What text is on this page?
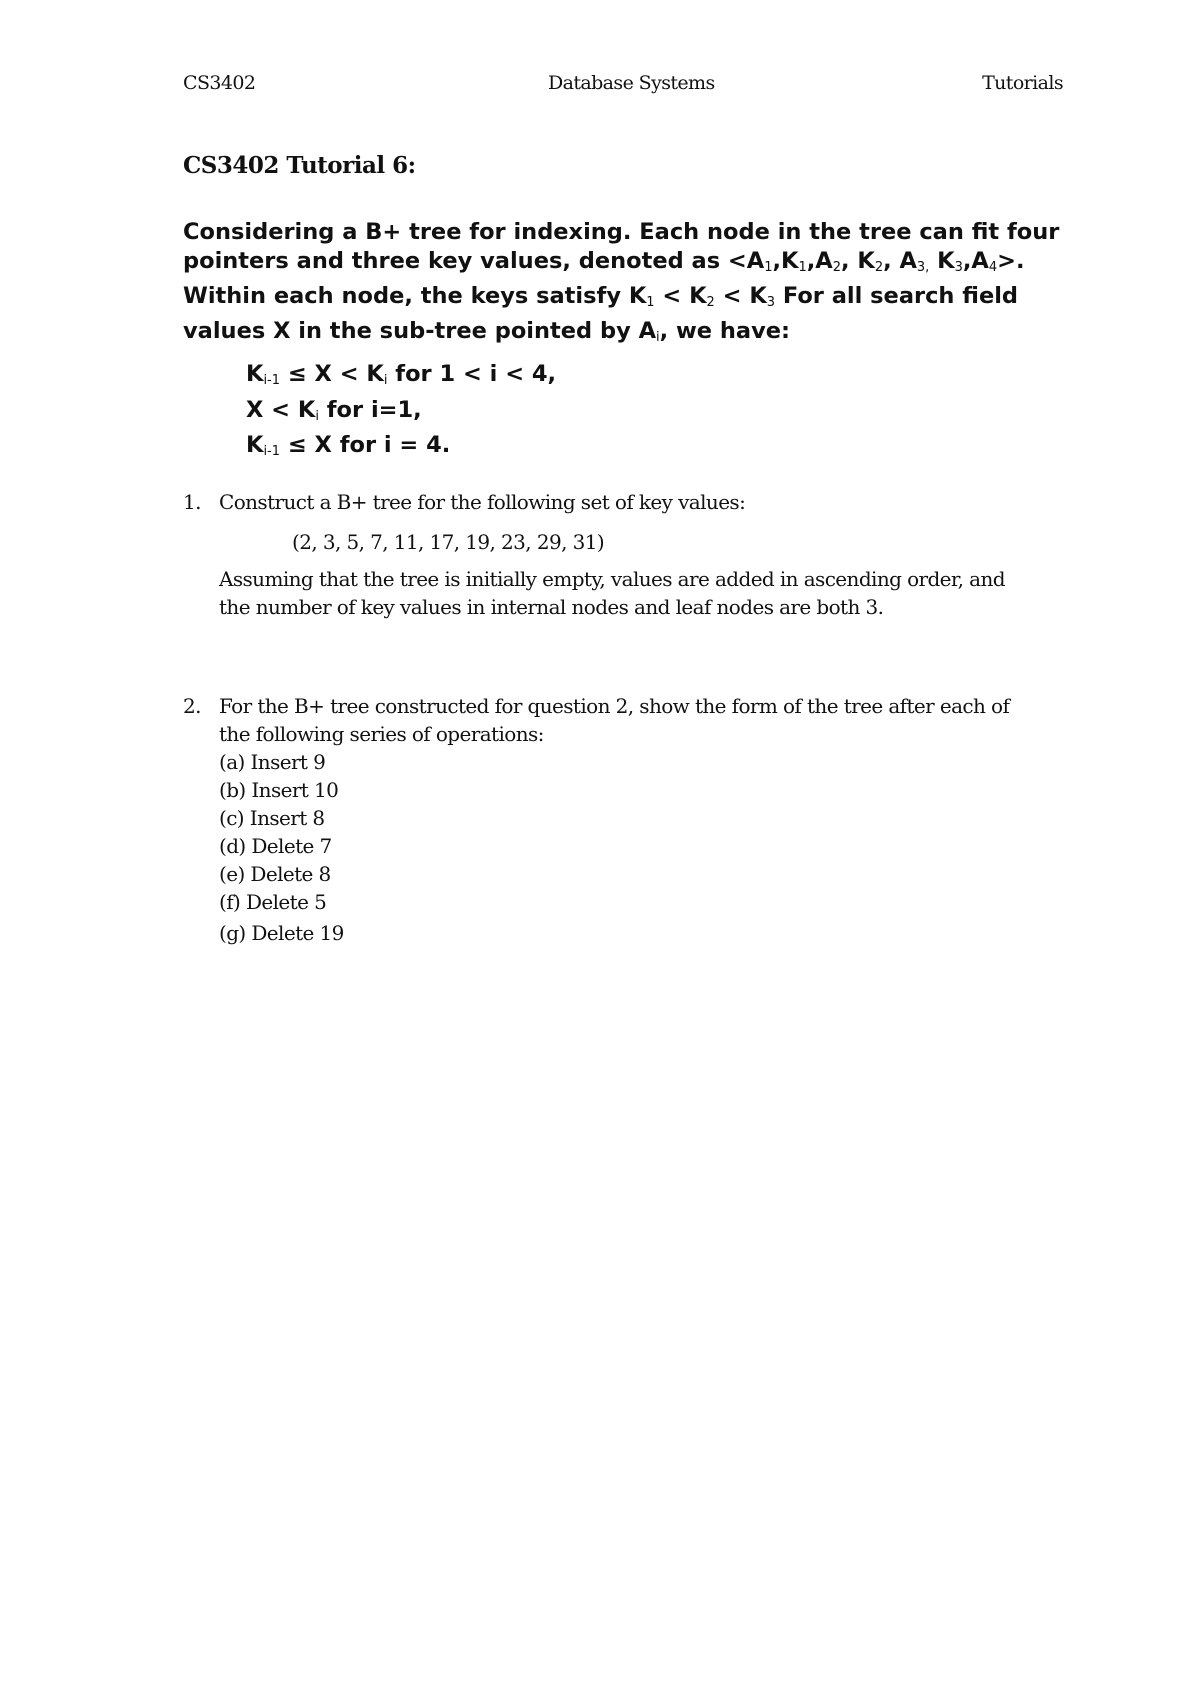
CS3402	Database Systems	Tutorials
CS3402 Tutorial 6:
Considering a B+ tree for indexing. Each node in the tree can fit four
pointers and three key values, denoted as $<A_1,K_1,A_2$, $K_2$, $A_{3,}$ $K_3,A_4>$.
Within each node, the keys satisfy $K_1 < K_2 < K_3$ For all search field
values X in the sub-tree pointed by $A_i$, we have:
$K_{i-1} \le X < K_i$ for 1 < i < 4,
$X < K_i$ for i=1,
$K_{i-1} \le X$ for i = 4.
1. Construct a B+ tree for the following set of key values:
(2, 3, 5, 7, 11, 17, 19, 23, 29, 31)
Assuming that the tree is initially empty, values are added in ascending order, and
the number of key values in internal nodes and leaf nodes are both 3.
2. For the B+ tree constructed for question 2, show the form of the tree after each of
the following series of operations:
(a) Insert 9
(b) Insert 10
(c) Insert 8
(d) Delete 7
(e) Delete 8
(f) Delete 5
(g) Delete 19
